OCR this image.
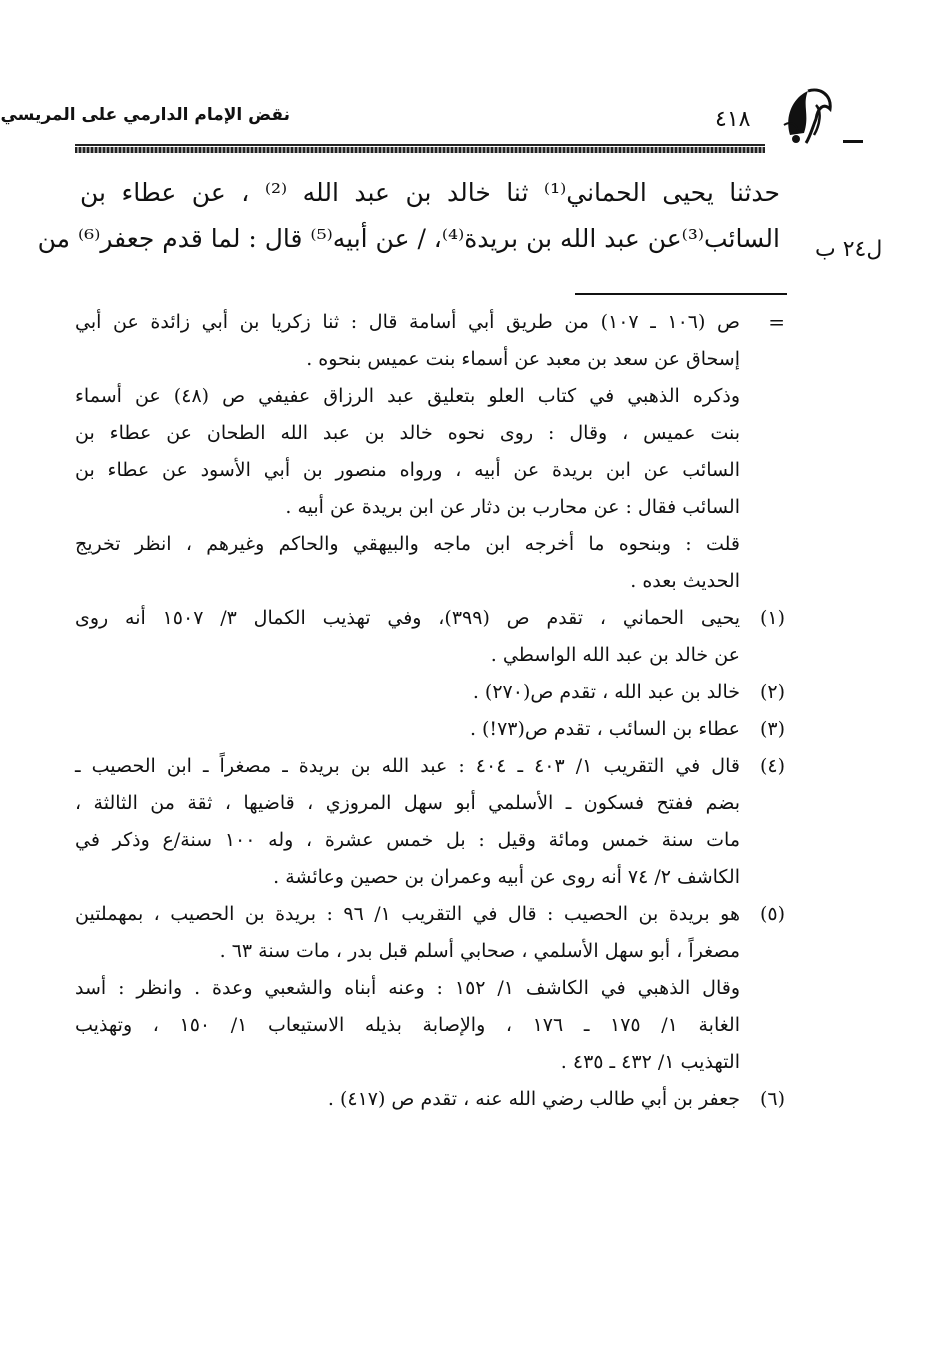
نقض الإمام الدارمي على المريسي	٤١٨
حدثنا يحيى الحماني⁽¹⁾ ثنا خالد بن عبد الله ⁽²⁾ ، عن عطاء بن
السائب⁽³⁾عن عبد الله بن بريدة⁽⁴⁾، / عن أبيه⁽⁵⁾ قال : لما قدم جعفر⁽⁶⁾ من ل٢٤ ب
=
ص (١٠٦ ـ ١٠٧) من طريق أبي أسامة قال : ثنا زكريا بن أبي زائدة عن أبي
إسحاق عن سعد بن معبد عن أسماء بنت عميس بنحوه .
وذكره الذهبي في كتاب العلو بتعليق عبد الرزاق عفيفي ص (٤٨) عن أسماء
بنت عميس ، وقال : روى نحوه خالد بن عبد الله الطحان عن عطاء بن
السائب عن ابن بريدة عن أبيه ، ورواه منصور بن أبي الأسود عن عطاء بن
السائب فقال : عن محارب بن دثار عن ابن بريدة عن أبيه .
قلت : وبنحوه ما أخرجه ابن ماجه والبيهقي والحاكم وغيرهم ، انظر تخريج
الحديث بعده .
(١)
يحيى الحماني ، تقدم ص (٣٩٩)، وفي تهذيب الكمال ٣/ ١٥٠٧ أنه روى
عن خالد بن عبد الله الواسطي .
(٢)
خالد بن عبد الله ، تقدم ص(٢٧٠) .
(٣)
عطاء بن السائب ، تقدم ص(٧٣!) .
(٤)
قال في التقريب ١/ ٤٠٣ ـ ٤٠٤ : عبد الله بن بريدة ـ مصغراً ـ ابن الحصيب ـ
بضم ففتح فسكون ـ الأسلمي أبو سهل المروزي ، قاضيها ، ثقة من الثالثة ،
مات سنة خمس ومائة وقيل : بل خمس عشرة ، وله ١٠٠ سنة/ع وذكر في
الكاشف ٢/ ٧٤ أنه روى عن أبيه وعمران بن حصين وعائشة .
(٥)
هو بريدة بن الحصيب : قال في التقريب ١/ ٩٦ : بريدة بن الحصيب ، بمهملتين
مصغراً ، أبو سهل الأسلمي ، صحابي أسلم قبل بدر ، مات سنة ٦٣ .
وقال الذهبي في الكاشف ١/ ١٥٢ : وعنه أبناه والشعبي وعدة . وانظر : أسد
الغابة ١/ ١٧٥ ـ ١٧٦ ، والإصابة بذيله الاستيعاب ١/ ١٥٠ ، وتهذيب
التهذيب ١/ ٤٣٢ ـ ٤٣٥ .
(٦)
جعفر بن أبي طالب رضي الله عنه ، تقدم ص (٤١٧) .
